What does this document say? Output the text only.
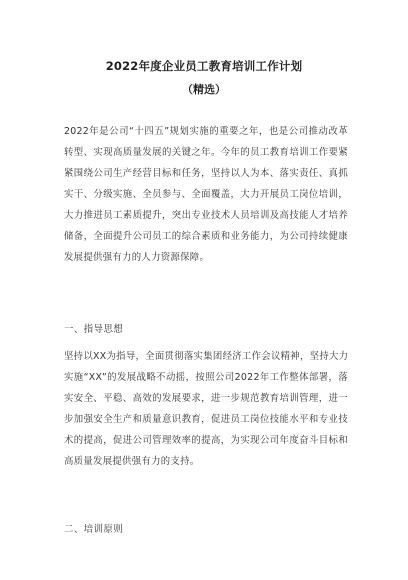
2022年度企业员工教育培训工作计划
（精选）
2022年是公司“十四五”规划实施的重要之年，也是公司推动改革
转型、实现高质量发展的关键之年。今年的员工教育培训工作要紧
紧围绕公司生产经营目标和任务，坚持以人为本、落实责任、真抓
实干、分级实施、全员参与、全面覆盖，大力开展员工岗位培训，
大力推进员工素质提升，突出专业技术人员培训及高技能人才培养
储备，全面提升公司员工的综合素质和业务能力，为公司持续健康
发展提供强有力的人力资源保障。
一、指导思想
坚持以XX为指导，全面贯彻落实集团经济工作会议精神，坚持大力
实施“XX”的发展战略不动摇，按照公司2022年工作整体部署，落
实安全、平稳、高效的发展要求，进一步规范教育培训管理，进一
步加强安全生产和质量意识教育，促进员工岗位技能水平和专业技
术的提高，促进公司管理效率的提高，为实现公司年度奋斗目标和
高质量发展提供强有力的支持。
二、培训原则
